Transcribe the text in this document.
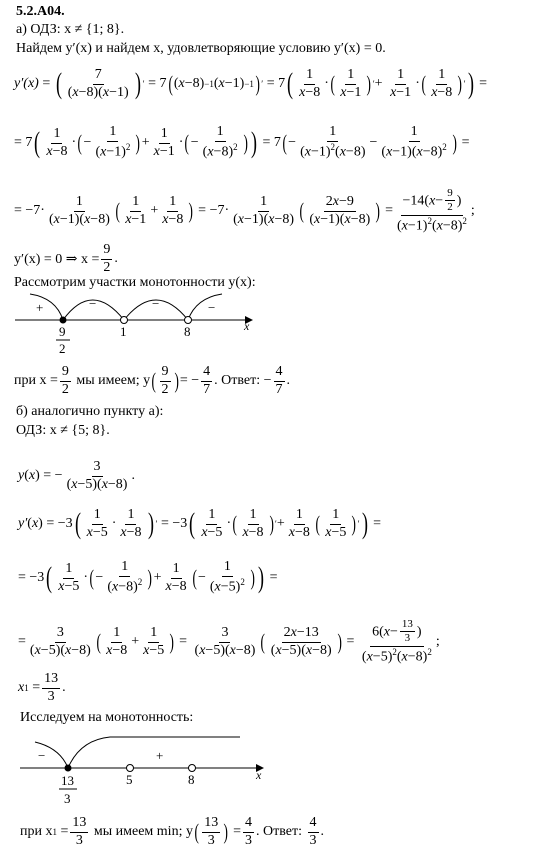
5.2.A04.
а) ОДЗ: x ≠ {1; 8}.
Найдем y′(x) и найдем x, удовлетворяющие условию y′(x) = 0.
y′(x) = ( $\frac{7}{(x-8)(x-1)}$ ) ′ = 7 ( ( x −8) −1 ( x −1) −1 ) ′ = 7 ( $\frac{1}{x-8}$ · ( $\frac{1}{x-1}$ ) ′ + $\frac{1}{x-1}$ · ( $\frac{1}{x-8}$ ) ′ ) =
= 7 ( $\frac{1}{x-8}$ · ( − $\frac{1}{(x-1)^2}$ ) + $\frac{1}{x-1}$ · ( − $\frac{1}{(x-8)^2}$ ) ) = 7 ( − $\frac{1}{(x-1)^2(x-8)} - \frac{1}{(x-1)(x-8)^2}$ ) =
= $-7\cdot \frac{1}{(x-1)(x-8)}$ ( $\frac{1}{x-1} + \frac{1}{x-8}$ ) = $-7\cdot \frac{1}{(x-1)(x-8)}$ ( $\frac{2x-9}{(x-1)(x-8)}$ ) = $\frac{-14(x- \frac{9}{2} )}{(x-1)^2(x-8)^2}$ ;
y′(x) = 0 ⇒ $x = \frac{9}{2}$ .
Рассмотрим участки монотонности y(x):
+	−	−	−
1	8	x
9
2
при $x = \frac{9}{2}$
мы имеем; y ( $\frac{9}{2}$ ) = − $\frac{4}{7}$ . Ответ: − $\frac{4}{7}$ .
б) аналогично пункту а):
ОДЗ: x ≠ {5; 8}.
y ( x ) = − $\frac{3}{(x-5)(x-8)}$ .
y′ ( x ) = −3 ( $\frac{1}{x-5} \cdot \frac{1}{x-8}$ ) ′ = −3 ( $\frac{1}{x-5}$ · ( $\frac{1}{x-8}$ ) ′ + $\frac{1}{x-8}$ ( $\frac{1}{x-5}$ ) ′ ) =
= −3 ( $\frac{1}{x-5}$ · ( − $\frac{1}{(x-8)^2}$ ) + $\frac{1}{x-8}$ ( − $\frac{1}{(x-5)^2}$ ) ) =
= $\frac{3}{(x-5)(x-8)}$ ( $\frac{1}{x-8} + \frac{1}{x-5}$ ) = $\frac{3}{(x-5)(x-8)}$ ( $\frac{2x-13}{(x-5)(x-8)}$ ) = $\frac{6(x- \frac{13}{3} )}{(x-5)^2(x-8)^2}$ ;
x $1 = \frac{13}{3}$ .
Исследуем на монотонность:
−	+
5	8	x
13
3
при x $1 = \frac{13}{3}$
мы имеем min; y ( $\frac{13}{3}$ ) = $\frac{4}{3}$ . Ответ:
$\frac{4}{3}$ .
